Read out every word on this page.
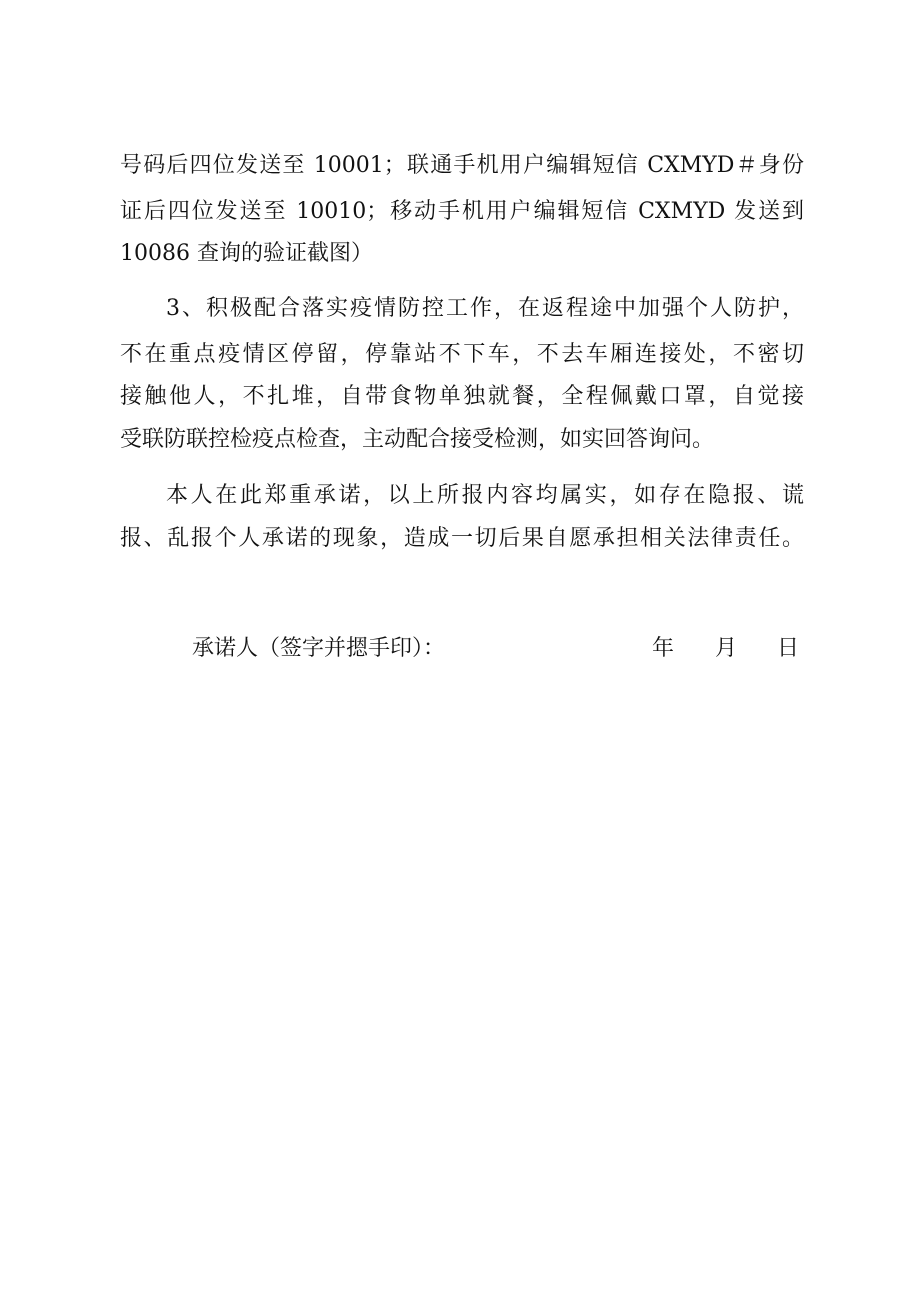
号码后四位发送至 10001；联通手机用户编辑短信 CXMYD＃身份
证后四位发送至 10010；移动手机用户编辑短信 CXMYD 发送到
10086 查询的验证截图）
3、积极配合落实疫情防控工作，在返程途中加强个人防护，
不在重点疫情区停留，停靠站不下车，不去车厢连接处，不密切
接触他人，不扎堆，自带食物单独就餐，全程佩戴口罩，自觉接
受联防联控检疫点检查，主动配合接受检测，如实回答询问。
本人在此郑重承诺，以上所报内容均属实，如存在隐报、谎
报、乱报个人承诺的现象，造成一切后果自愿承担相关法律责任。
承诺人（签字并摁手印）：	年 月 日
